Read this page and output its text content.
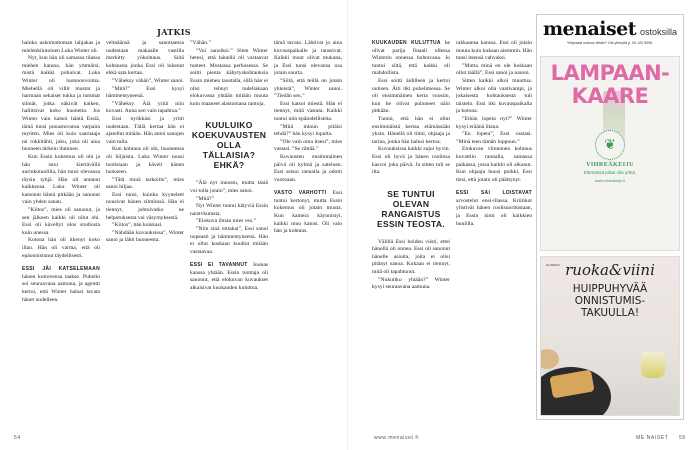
JATKIS

hainka uskomattoman lahjakas ja mielenkiintoinen Luka Winter oli.

Nyt, kun hän oli samassa tilassa miehen kanssa, hän ymmärsi, mistä kaikki puhuivat. Luka Winter oli luonnonvoima. Miehellä oli villit mustat ja harmaan sekaiset tukka ja tummat silmät, jotka näkivät kaiken, hallitsivat koko huonetta. Jos Winter vain katsoi häntä Essiä, tämä tunsi punastuvansa varpaita myöten. Mies oli kuin saarnaaja tai rokkitähti, joku, joka oli aina huoneen tärkein ihminen.

Kun Essin kokemus oli ohi ja hän istui kiertävällä aurinkotuolilla, hän tunsi olevansa täysin tyhjä. Hän oli antanut kaikkensa. Luka Winter oli katsonut häntä pitkään ja sanonut vain yhden sanan.

”Kiitos”, mies oli sanonut, ja sen jälkeen kaikki oli ollut ohi. Essi oli kävellyt ulos studiosta kuin unessa.

Kotona hän oli itkenyt koko illan. Hän oli varma, että oli epäonnistunut täydellisesti.

ESSI JÄI KATSELEMAAN hänen kotiovensa taakse. Puhelin soi seuraavana aamuna, ja agentti kertoi, että Winter halusi tavata hänet uudelleen.

velmäänsä ja sanottaessa uudestaan makaalle vastilla merkitty yökohtaus. Siitä kohtausta jonka Essi oli lukenut ehkä sata kertaa.

”Väheksy vähän”, Winter sanoi.

”Mitä?” Essi kysyi hämmentyneenä.

”Väheksy. Älä yritä niin kovasti. Anna sen vain tapahtua.”

Essi nyökkäsi ja yritti uudestaan. Tällä kertaa hän ei ajatellut mitään. Hän antoi sanojen vain tulla.

Kun kohtaus oli ohi, huoneessa oli hiljaista. Luka Winter nousi tuolistaan ja käveli hänen luokseen.

”Tätä minä tarkoitin”, mies sanoi hiljaa.

Essi tunsi, kuinka kyyneleet nousivat hänen silmiinsä. Hän ei tiennyt, johtuivatko ne helpotuksesta vai väsymyksestä.

”Kiitos”, hän kuiskasi.

”Nähdään kuvauksissa”, Winter sanoi ja lähti huoneesta.

”Vähän.”

”Voi sanoiksi.” Siten Winter hetesi, että hänellä oli vastaavat tunteet. Mustassa perhosessa. Se soitti pienta kähytyskohtauksia Essin miehen taustalla, sillä hän ei olisi tehnyt todellakaan elokuvassa yhtään mitään muuta kuin maaneet alastomana rantoja.

KUULUIKO KOEKUVAUSTEN OLLA TÄLLAISIA? EHKÄ?

”Älä nyt innostu, mutta tästä voi tulla jotain”, mies sanoi.

”Mitä?”

Nyt Winter tuntui kätyviä Essin naistvkutusta.

”Elokuva ilman mies ves.”

”Niin sinä tottakai”, Essi sanoi nopeasti ja hämmentyneenä. Hän ei ollut koskaan kuullut mitään vastaavaa.

ESSI EI TAVANNUT Joonas kanssa yhtään. Essin tuottaja oli sanonut, että elokuvan kuvaukset alkaisivat kuukauden kuluttua.

tämä tavata. Lähtivat jo aina kuvauspaikalle ja tanssivat. Kaikki muut olivat mukana, ja Essi tunsi olevansa osa jotain suurta.

”Siitä, että teillä on jotain yhteistä”, Winter sanoi. ”Tiedän sen.”

Essi katsoi miestä. Hän ei tiennyt, mitä vastata. Kaikki tuntui niin epätodelliselta.

”Mitä minun pitäisi tehdä?” hän kysyi lopulta.

”Ole vain oma itsesi”, mies vastasi. ”Se riittää.”

Kuvausten ensimmäinen päivä oli kylmä ja sateinen. Essi seisoi rannalla ja odotti vuoroaan.

VASTO VARHOTTI Essi tuntui kertonyt, mutta Essin kokemus oli jotain muuta. Kun kamera käynnistyi, kaikki muu katosi. Oli vain hän ja kohtaus.

KUUKAUDEN KULUTTUA he olivat parija finaali ollessa Winterin onnessa hohtavana. Jo tuntui siltä, että kaikki oli mahdollista.

Essi soitti äidilleen ja kertoi uutisen. Äiti itki puhelimessa. Se oli ensimmäinen kerta vuosiin, kun he olivat puhuneet näin pitkään.

Tuntui, että hän ei ollut ensimmäistä kertaa elämässään yksin. Hänellä oli tiimi, ohjaaja ja tarina, jonka hän halusi kertoa.

Kuvauksissa kaikki sujui hyvin. Essi oli hyvä ja hänen roolinsa kasvoi joka päivä. Ja sitten tuli se ilta.

SE TUNTUI OLEVAN RANGAISTUS ESSIN TEOSTA.

Välillä Essi hoideu viisti, ettei hänellä oli onnea. Essi oli sanonut hänelle asioita, joita ei olisi pitänyt sanoa. Kukaan ei tiennyt, mitä oli tapahtunut.

”Nukuitko yhtään?” Winter kysyi seuraavana aamuna.

rakkaansa kanssa. Essi oli jotain muuta kuin kukaan aiemmin. Hän tunsi itsensä vahvaksi.

”Mutta minä en ole koskaan ollut täällä”, Essi sanoi ja nauroi.

Sitten kaikki alkoi muuttua. Winter alkoi olla vaativampi, ja jokaisesta kohtauksesta tuli taistelu. Essi itki kuvauspaikalla ja kotona.

”Ethän lopeta nyt?” Winter kysyi eräänä iltana.

”En lopeta”, Essi vastasi. ”Minä teen tämän loppuun.”

Elokuvan viimeinen kohtaus kuvattiin rannalla, samassa paikassa, jossa kaikki oli alkanut. Kun ohjaaja huusi poikki, Essi tiesi, että jotain oli päättynyt.

ESSI SAI LOISTAVAT arvostelut ensi-illassa. Kriitikot ylistivät hänen roolisuoritustaan, ja Essin nimi oli kaikkien huulilla.

menaiset ostoksilla
Yrityksesi mainos tähän? Ota yhteyttä p. 09 120 5090.
LAMPAAN-
KAARE
❦
VIHREÄKEIJU
Elämässä pitää olla yrttiä.
www.vihreakeiju.fi
GLORIAN ruoka&viini
HUIPPUHYVÄÄ
ONNISTUMIS-
TAKUULLA!
54	www.menaiset.fi	ME NAISET 55
